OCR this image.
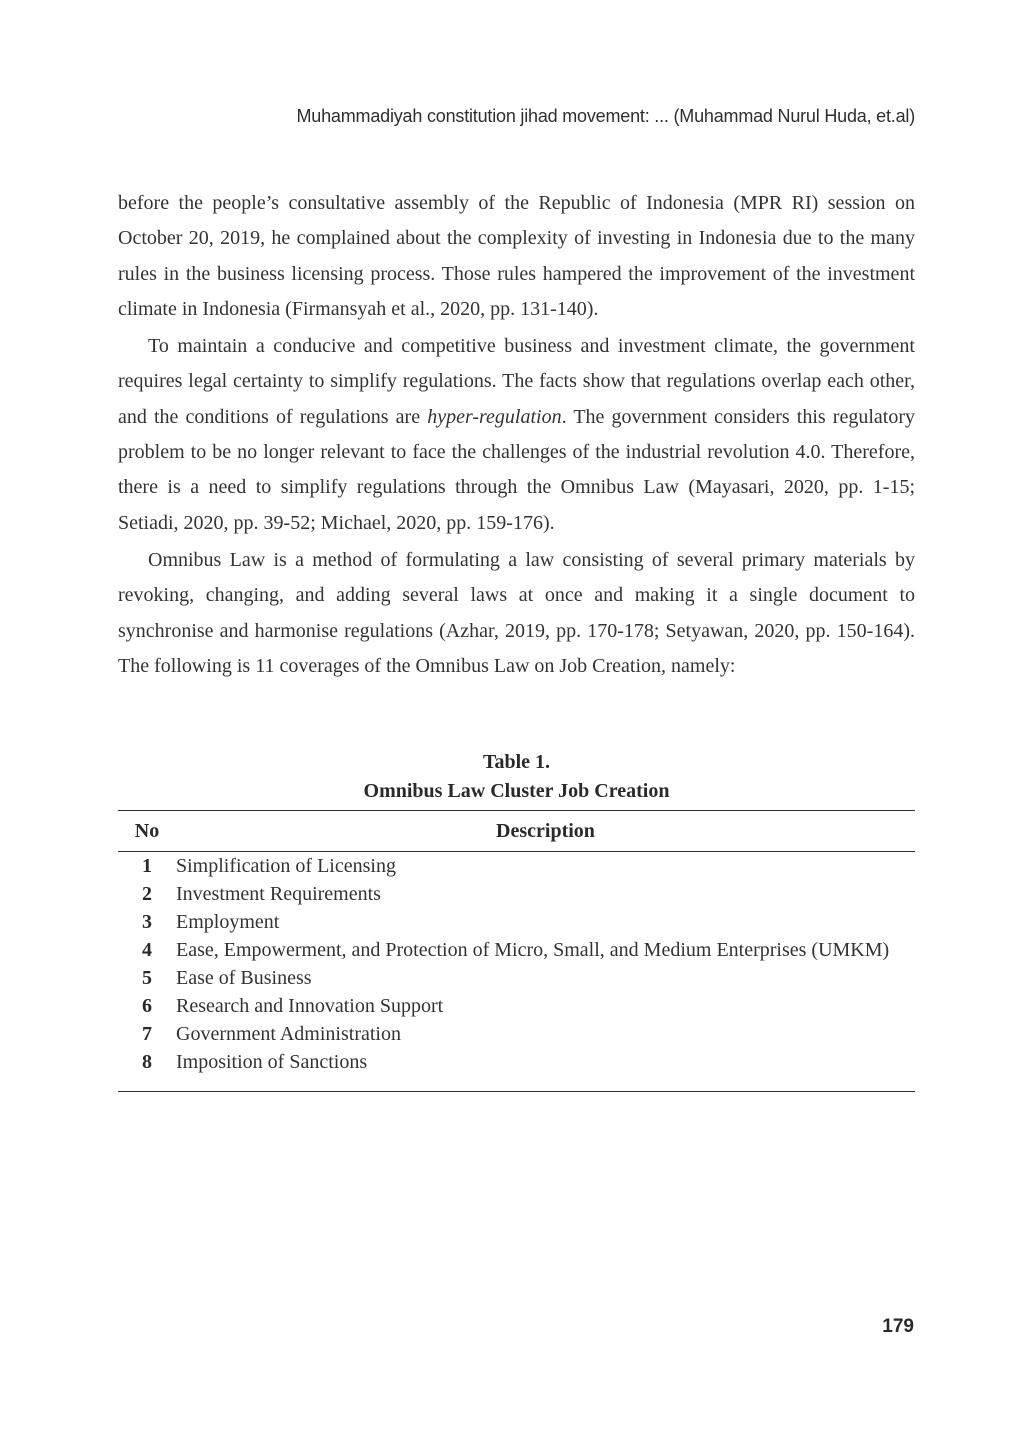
Muhammadiyah constitution jihad movement: ... (Muhammad Nurul Huda, et.al)

before the people’s consultative assembly of the Republic of Indonesia (MPR RI) session on October 20, 2019, he complained about the complexity of investing in Indonesia due to the many rules in the business licensing process. Those rules hampered the improvement of the investment climate in Indonesia (Firmansyah et al., 2020, pp. 131-140).

To maintain a conducive and competitive business and investment climate, the government requires legal certainty to simplify regulations. The facts show that regulations overlap each other, and the conditions of regulations are hyper-regulation. The government considers this regulatory problem to be no longer relevant to face the challenges of the industrial revolution 4.0. Therefore, there is a need to simplify regulations through the Omnibus Law (Mayasari, 2020, pp. 1-15; Setiadi, 2020, pp. 39-52; Michael, 2020, pp. 159-176).

Omnibus Law is a method of formulating a law consisting of several primary materials by revoking, changing, and adding several laws at once and making it a single document to synchronise and harmonise regulations (Azhar, 2019, pp. 170-178; Setyawan, 2020, pp. 150-164). The following is 11 coverages of the Omnibus Law on Job Creation, namely:

Table 1.
Omnibus Law Cluster Job Creation
No	Description
1	Simplification of Licensing
2	Investment Requirements
3	Employment
4	Ease, Empowerment, and Protection of Micro, Small, and Medium Enterprises (UMKM)
5	Ease of Business
6	Research and Innovation Support
7	Government Administration
8	Imposition of Sanctions
179
